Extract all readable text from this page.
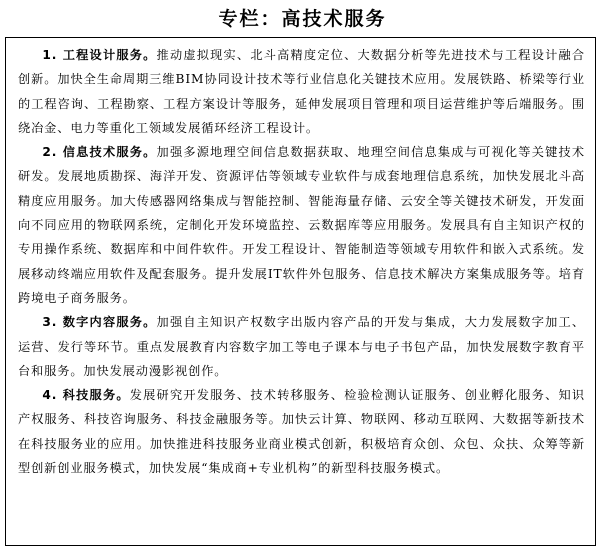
专栏：高技术服务

1. 工程设计服务。推动虚拟现实、北斗高精度定位、大数据分析等先进技术与工程设计融合创新。加快全生命周期三维BIM协同设计技术等行业信息化关键技术应用。发展铁路、桥梁等行业的工程咨询、工程勘察、工程方案设计等服务，延伸发展项目管理和项目运营维护等后端服务。围绕冶金、电力等重化工领域发展循环经济工程设计。

2. 信息技术服务。加强多源地理空间信息数据获取、地理空间信息集成与可视化等关键技术研发。发展地质勘探、海洋开发、资源评估等领域专业软件与成套地理信息系统，加快发展北斗高精度应用服务。加大传感器网络集成与智能控制、智能海量存储、云安全等关键技术研发，开发面向不同应用的物联网系统，定制化开发环境监控、云数据库等应用服务。发展具有自主知识产权的专用操作系统、数据库和中间件软件。开发工程设计、智能制造等领域专用软件和嵌入式系统。发展移动终端应用软件及配套服务。提升发展IT软件外包服务、信息技术解决方案集成服务等。培育跨境电子商务服务。

3. 数字内容服务。加强自主知识产权数字出版内容产品的开发与集成，大力发展数字加工、运营、发行等环节。重点发展教育内容数字加工等电子课本与电子书包产品，加快发展数字教育平台和服务。加快发展动漫影视创作。

4. 科技服务。发展研究开发服务、技术转移服务、检验检测认证服务、创业孵化服务、知识产权服务、科技咨询服务、科技金融服务等。加快云计算、物联网、移动互联网、大数据等新技术在科技服务业的应用。加快推进科技服务业商业模式创新，积极培育众创、众包、众扶、众筹等新型创新创业服务模式，加快发展“集成商+专业机构”的新型科技服务模式。
